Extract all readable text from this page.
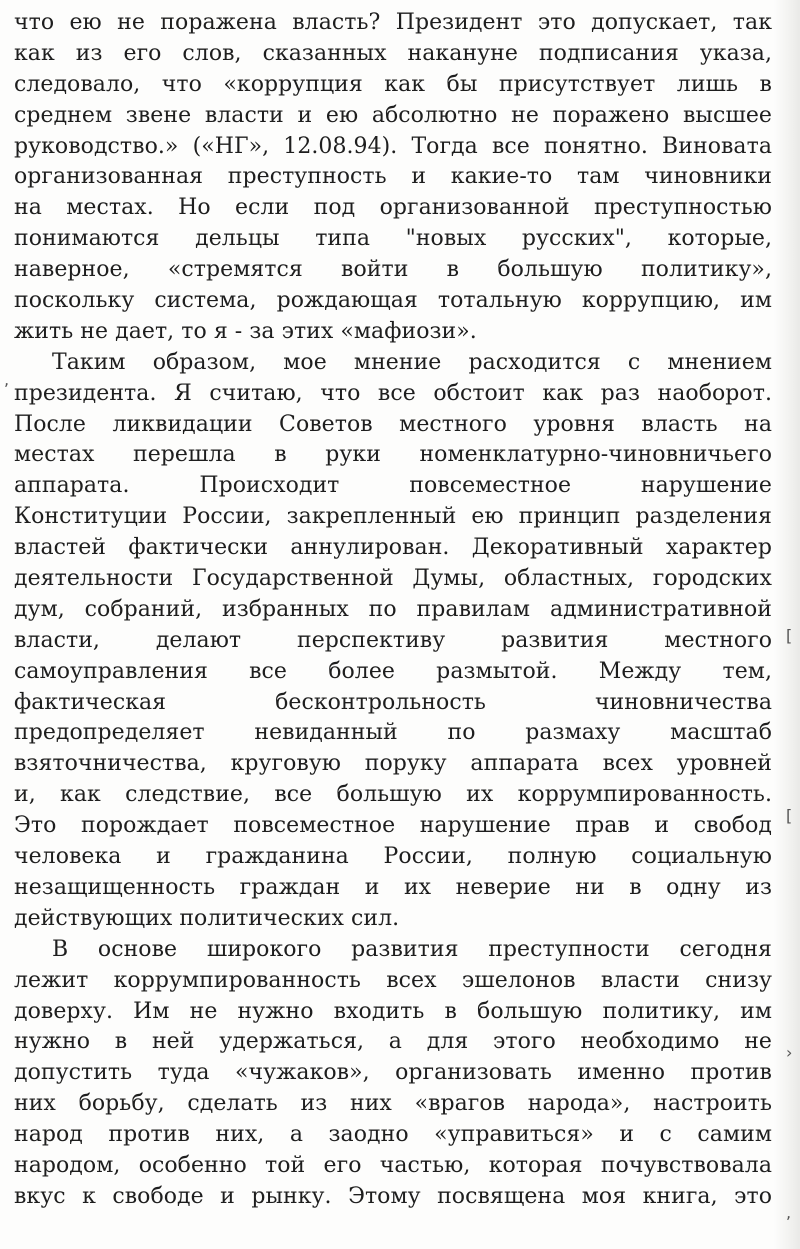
,
[
[
›
,
что ею не поражена власть? Президент это допускает, так
как из его слов, сказанных накануне подписания указа,
следовало, что «коррупция как бы присутствует лишь в
среднем звене власти и ею абсолютно не поражено высшее
руководство.» («НГ», 12.08.94). Тогда все понятно. Виновата
организованная преступность и какие-то там чиновники
на местах. Но если под организованной преступностью
понимаются дельцы типа "новых русских", которые,
наверное, «стремятся войти в большую политику»,
поскольку система, рождающая тотальную коррупцию, им
жить не дает, то я - за этих «мафиози».
Таким образом, мое мнение расходится с мнением
президента. Я считаю, что все обстоит как раз наоборот.
После ликвидации Советов местного уровня власть на
местах перешла в руки номенклатурно-чиновничьего
аппарата. Происходит повсеместное нарушение
Конституции России, закрепленный ею принцип разделения
властей фактически аннулирован. Декоративный характер
деятельности Государственной Думы, областных, городских
дум, собраний, избранных по правилам административной
власти, делают перспективу развития местного
самоуправления все более размытой. Между тем,
фактическая бесконтрольность чиновничества
предопределяет невиданный по размаху масштаб
взяточничества, круговую поруку аппарата всех уровней
и, как следствие, все большую их коррумпированность.
Это порождает повсеместное нарушение прав и свобод
человека и гражданина России, полную социальную
незащищенность граждан и их неверие ни в одну из
действующих политических сил.
В основе широкого развития преступности сегодня
лежит коррумпированность всех эшелонов власти снизу
доверху. Им не нужно входить в большую политику, им
нужно в ней удержаться, а для этого необходимо не
допустить туда «чужаков», организовать именно против
них борьбу, сделать из них «врагов народа», настроить
народ против них, а заодно «управиться» и с самим
народом, особенно той его частью, которая почувствовала
вкус к свободе и рынку. Этому посвящена моя книга, это
